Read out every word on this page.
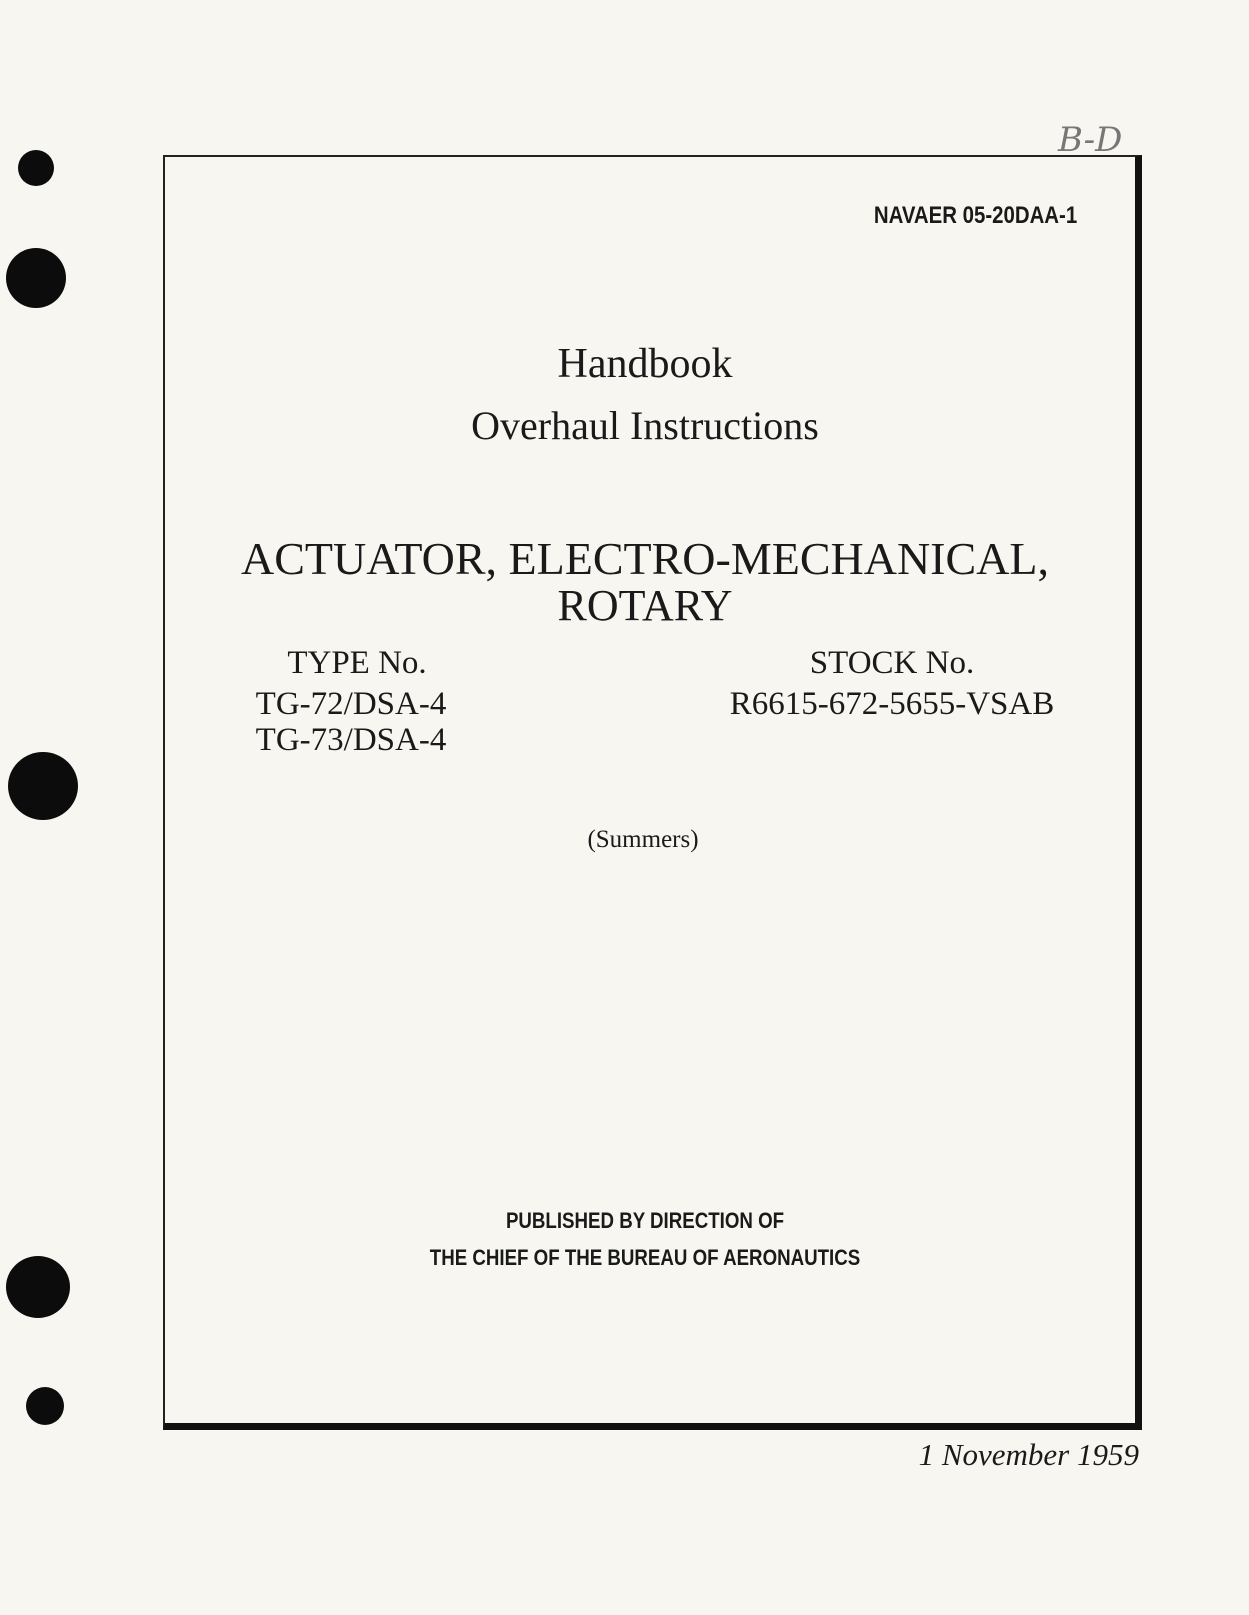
B-D
NAVAER 05-20DAA-1
Handbook
Overhaul Instructions
ACTUATOR, ELECTRO-MECHANICAL,
ROTARY
TYPE No.
TG-72/DSA-4
TG-73/DSA-4
STOCK No.
R6615-672-5655-VSAB
(Summers)
PUBLISHED BY DIRECTION OF
THE CHIEF OF THE BUREAU OF AERONAUTICS
1 November 1959
